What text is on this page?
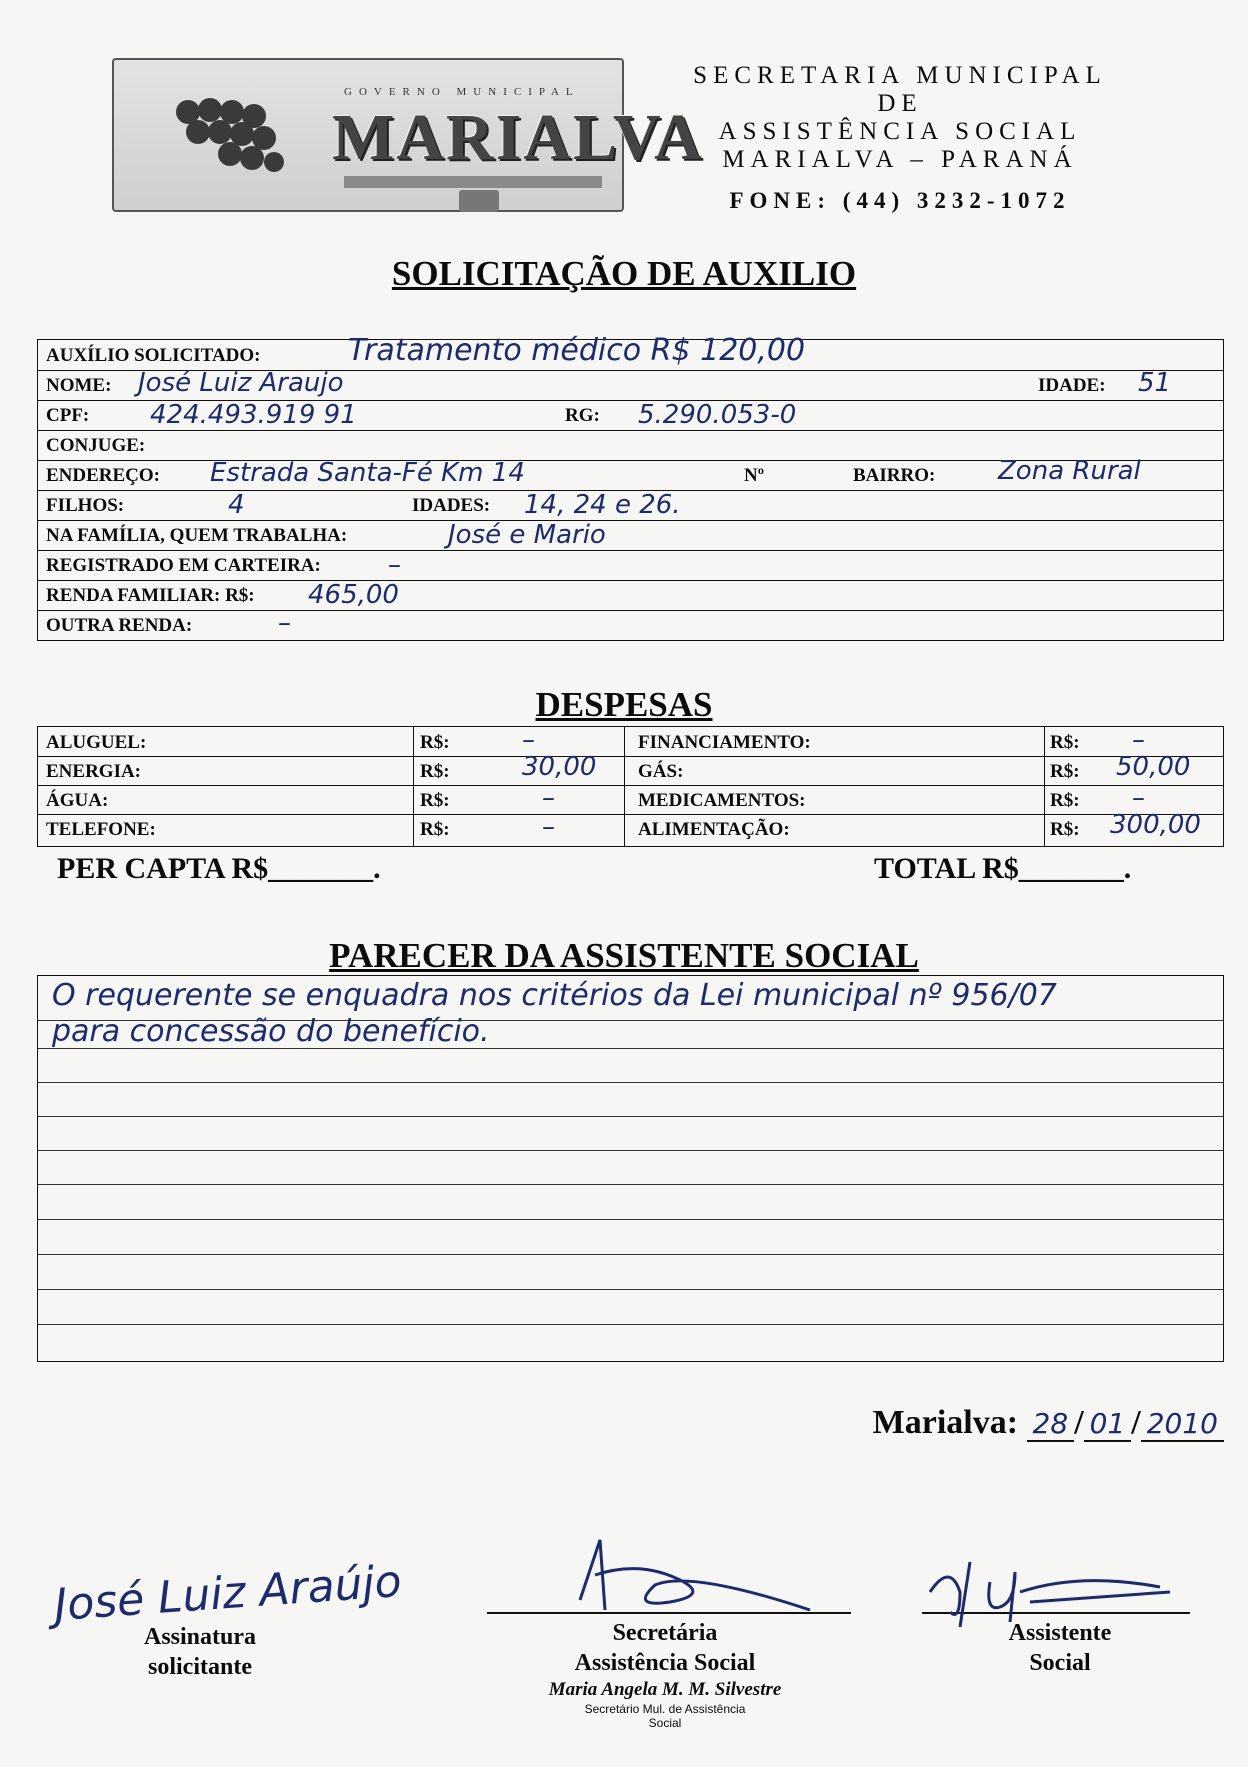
GOVERNO MUNICIPAL
MARIALVA
SECRETARIA MUNICIPAL
DE
ASSISTÊNCIA SOCIAL
MARIALVA – PARANÁ
FONE: (44) 3232-1072
SOLICITAÇÃO DE AUXILIO
AUXÍLIO SOLICITADO:	Tratamento médico R$ 120,00
NOME: José Luiz Araujo	IDADE: 51
CPF: 424.493.919 91	RG: 5.290.053-0
CONJUGE:
ENDEREÇO: Estrada Santa-Fé Km 14	Nº	BAIRRO: Zona Rural
FILHOS:	4	IDADES: 14, 24 e 26.
NA FAMÍLIA, QUEM TRABALHA:	José e Mario
REGISTRADO EM CARTEIRA:	–
RENDA FAMILIAR: R$: 465,00
OUTRA RENDA:	–
DESPESAS
ALUGUEL:	R$:	–	FINANCIAMENTO:	R$: –
ENERGIA:	R$:	30,00 GÁS:	R$: 50,00
ÁGUA:	R$:	–	MEDICAMENTOS:	R$: –
TELEFONE:	R$:	–	ALIMENTAÇÃO:	R$: 300,00
PER CAPTA R$_______.	TOTAL R$_______.
PARECER DA ASSISTENTE SOCIAL
O requerente se enquadra nos critérios da Lei municipal nº 956/07
para concessão do benefício.
Marialva: 28 / 01 / 2010
José Luiz Araújo
Assinatura
solicitante
Secretária
Assistência Social
Maria Angela M. M. Silvestre
Secretário Mul. de Assistência
Social
Assistente
Social
